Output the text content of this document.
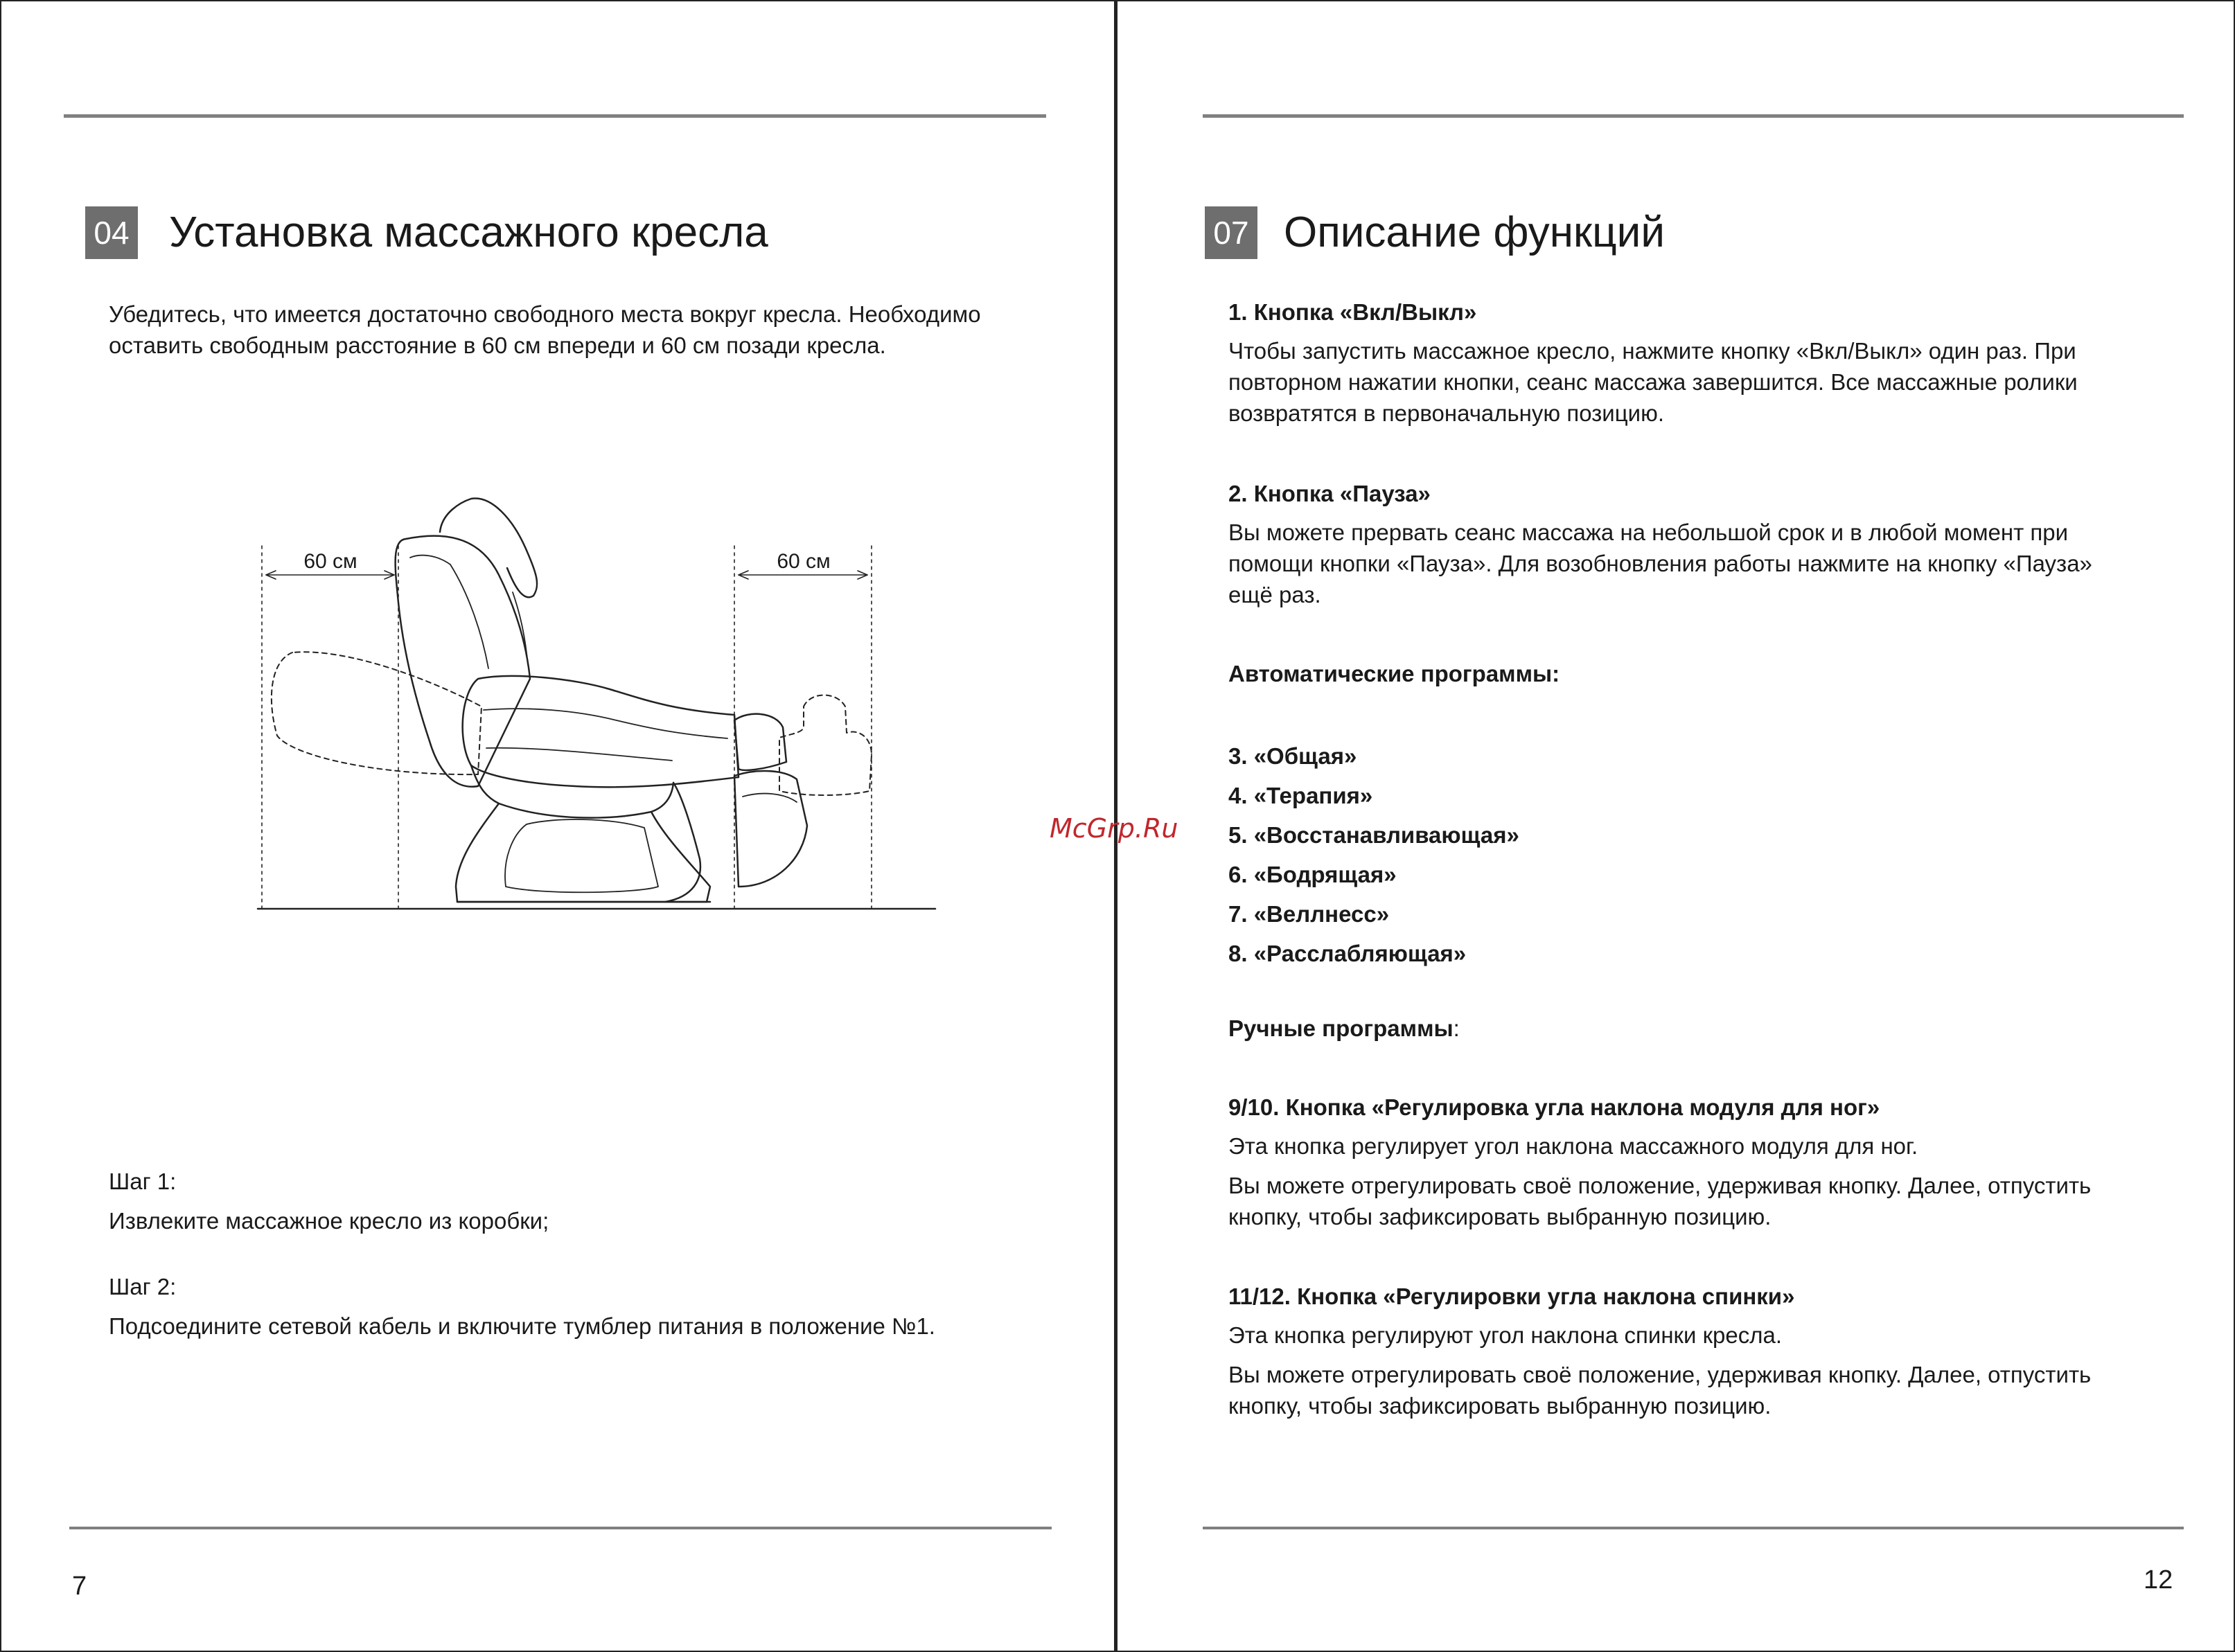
04 Установка массажного кресла
Убедитесь, что имеется достаточно свободного места вокруг кресла. Необходимо
оставить свободным расстояние в 60 см впереди и 60 см позади кресла.
60 см	60 см
Шаг 1:
Извлеките массажное кресло из коробки;
Шаг 2:
Подсоедините сетевой кабель и включите тумблер питания в положение №1.
7
07 Описание функций
1. Кнопка «Вкл/Выкл»
Чтобы запустить массажное кресло, нажмите кнопку «Вкл/Выкл» один раз. При
повторном нажатии кнопки, сеанс массажа завершится. Все массажные ролики
возвратятся в первоначальную позицию.
2. Кнопка «Пауза»
Вы можете прервать сеанс массажа на небольшой срок и в любой момент при
помощи кнопки «Пауза». Для возобновления работы нажмите на кнопку «Пауза»
ещё раз.
Автоматические программы:
3. «Общая»
4. «Терапия»
5. «Восстанавливающая»
6. «Бодрящая»
7. «Веллнесс»
8. «Расслабляющая»
Ручные программы:
9/10. Кнопка «Регулировка угла наклона модуля для ног»
Эта кнопка регулирует угол наклона массажного модуля для ног.
Вы можете отрегулировать своё положение, удерживая кнопку. Далее, отпустить
кнопку, чтобы зафиксировать выбранную позицию.
11/12. Кнопка «Регулировки угла наклона спинки»
Эта кнопка регулируют угол наклона спинки кресла.
Вы можете отрегулировать своё положение, удерживая кнопку. Далее, отпустить
кнопку, чтобы зафиксировать выбранную позицию.
12
McGrp.Ru
